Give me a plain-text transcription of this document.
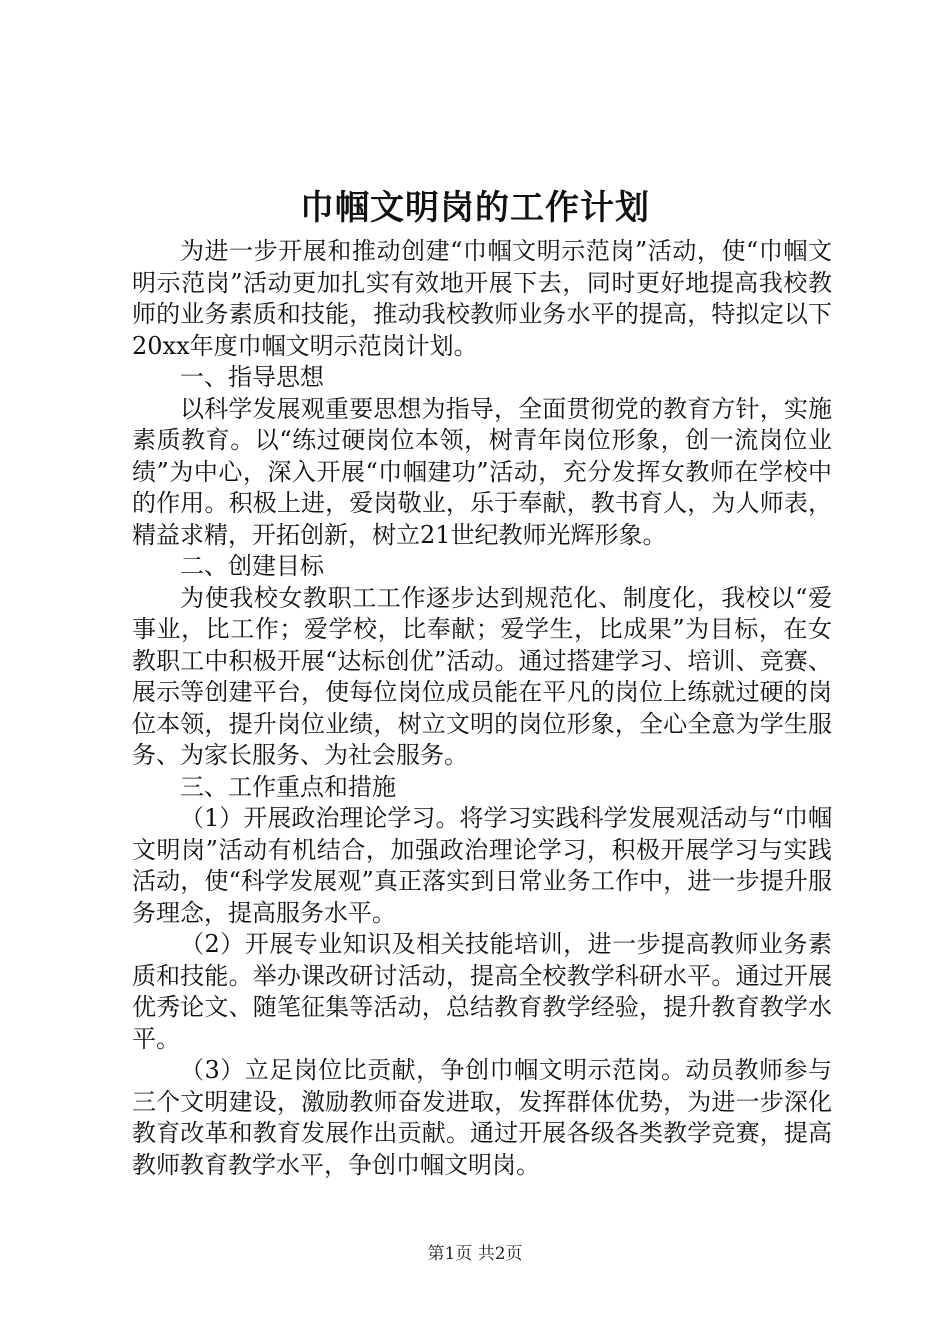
巾帼文明岗的工作计划

为进一步开展和推动创建“巾帼文明示范岗”活动，使“巾帼文明示范岗”活动更加扎实有效地开展下去，同时更好地提高我校教师的业务素质和技能，推动我校教师业务水平的提高，特拟定以下20xx年度巾帼文明示范岗计划。

一、指导思想

以科学发展观重要思想为指导，全面贯彻党的教育方针，实施素质教育。以“练过硬岗位本领，树青年岗位形象，创一流岗位业绩”为中心，深入开展“巾帼建功”活动，充分发挥女教师在学校中的作用。积极上进，爱岗敬业，乐于奉献，教书育人，为人师表，精益求精，开拓创新，树立21世纪教师光辉形象。

二、创建目标

为使我校女教职工工作逐步达到规范化、制度化，我校以“爱事业，比工作；爱学校，比奉献；爱学生，比成果”为目标，在女教职工中积极开展“达标创优”活动。通过搭建学习、培训、竞赛、展示等创建平台，使每位岗位成员能在平凡的岗位上练就过硬的岗位本领，提升岗位业绩，树立文明的岗位形象，全心全意为学生服务、为家长服务、为社会服务。

三、工作重点和措施

（1）开展政治理论学习。将学习实践科学发展观活动与“巾帼文明岗”活动有机结合，加强政治理论学习，积极开展学习与实践活动，使“科学发展观”真正落实到日常业务工作中，进一步提升服务理念，提高服务水平。

（2）开展专业知识及相关技能培训，进一步提高教师业务素质和技能。举办课改研讨活动，提高全校教学科研水平。通过开展优秀论文、随笔征集等活动，总结教育教学经验，提升教育教学水平。

（3）立足岗位比贡献，争创巾帼文明示范岗。动员教师参与三个文明建设，激励教师奋发进取，发挥群体优势，为进一步深化教育改革和教育发展作出贡献。通过开展各级各类教学竞赛，提高教师教育教学水平，争创巾帼文明岗。

第1页 共2页
